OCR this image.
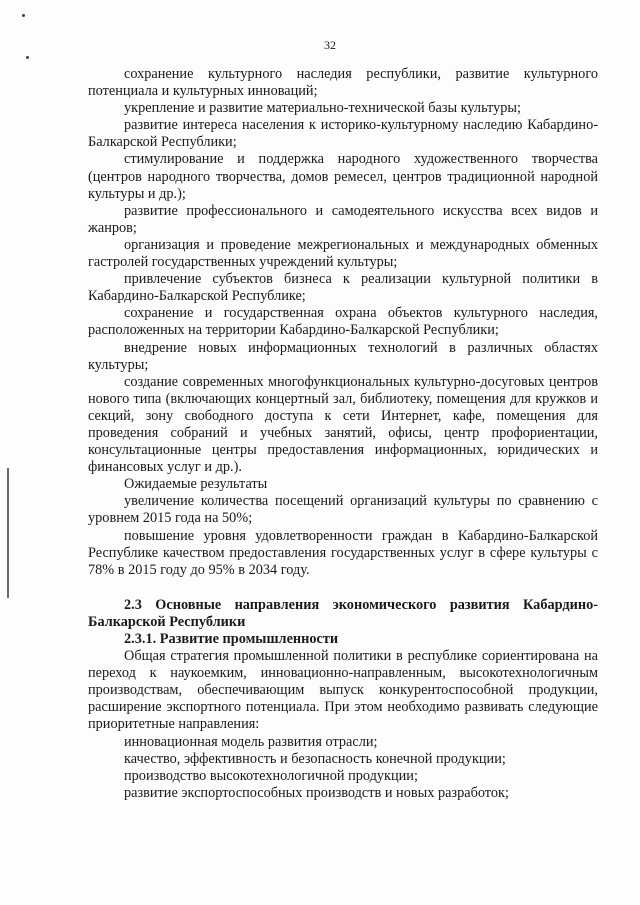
32

сохранение культурного наследия республики, развитие культурного потенциала и культурных инноваций;

укрепление и развитие материально-технической базы культуры;

развитие интереса населения к историко-культурному наследию Кабардино-Балкарской Республики;

стимулирование и поддержка народного художественного творчества (центров народного творчества, домов ремесел, центров традиционной народной культуры и др.);

развитие профессионального и самодеятельного искусства всех видов и жанров;

организация и проведение межрегиональных и международных обменных гастролей государственных учреждений культуры;

привлечение субъектов бизнеса к реализации культурной политики в Кабардино-Балкарской Республике;

сохранение и государственная охрана объектов культурного наследия, расположенных на территории Кабардино-Балкарской Республики;

внедрение новых информационных технологий в различных областях культуры;

создание современных многофункциональных культурно-досуговых центров нового типа (включающих концертный зал, библиотеку, помещения для кружков и секций, зону свободного доступа к сети Интернет, кафе, помещения для проведения собраний и учебных занятий, офисы, центр профориентации, консультационные центры предоставления информационных, юридических и финансовых услуг и др.).

Ожидаемые результаты

увеличение количества посещений организаций культуры по сравнению с уровнем 2015 года на 50%;

повышение уровня удовлетворенности граждан в Кабардино-Балкарской Республике качеством предоставления государственных услуг в сфере культуры с 78% в 2015 году до 95% в 2034 году.

2.3 Основные направления экономического развития Кабардино-Балкарской Республики

2.3.1. Развитие промышленности

Общая стратегия промышленной политики в республике сориентирована на переход к наукоемким, инновационно-направленным, высокотехнологичным производствам, обеспечивающим выпуск конкурентоспособной продукции, расширение экспортного потенциала. При этом необходимо развивать следующие приоритетные направления:

инновационная модель развития отрасли;

качество, эффективность и безопасность конечной продукции;

производство высокотехнологичной продукции;

развитие экспортоспособных производств и новых разработок;
